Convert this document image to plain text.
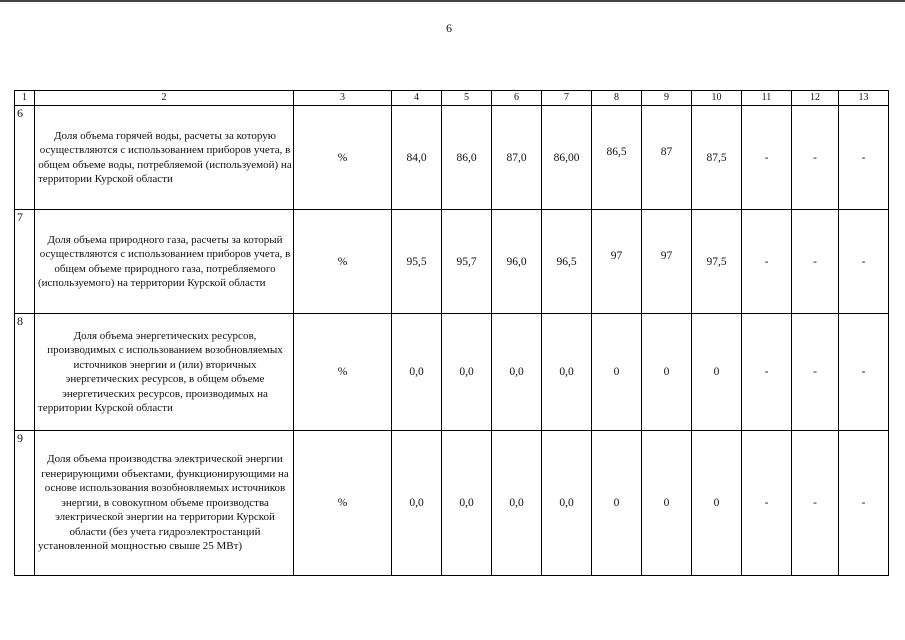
6
1	2	3	4	5	6	7	8	9	10	11	12	13
6	Доля объема горячей воды, расчеты за которую осуществляются с использованием приборов учета, в общем объеме воды, потребляемой (используемой) на территории Курской области	%	84,0	86,0	87,0	86,00	86,5	87	87,5	-	-	-
7	Доля объема природного газа, расчеты за который осуществляются с использованием приборов учета, в общем объеме природного газа, потребляемого (используемого) на территории Курской области	%	95,5	95,7	96,0	96,5	97	97	97,5	-	-	-
8	Доля объема энергетических ресурсов, производимых с использованием возобновляемых источников энергии и (или) вторичных энергетических ресурсов, в общем объеме энергетических ресурсов, производимых на территории Курской области	%	0,0	0,0	0,0	0,0	0	0	0	-	-	-
9	Доля объема производства электрической энергии генерирующими объектами, функционирующими на основе использования возобновляемых источников энергии, в совокупном объеме производства электрической энергии на территории Курской области (без учета гидроэлектростанций установленной мощностью свыше 25 МВт)	%	0,0	0,0	0,0	0,0	0	0	0	-	-	-
